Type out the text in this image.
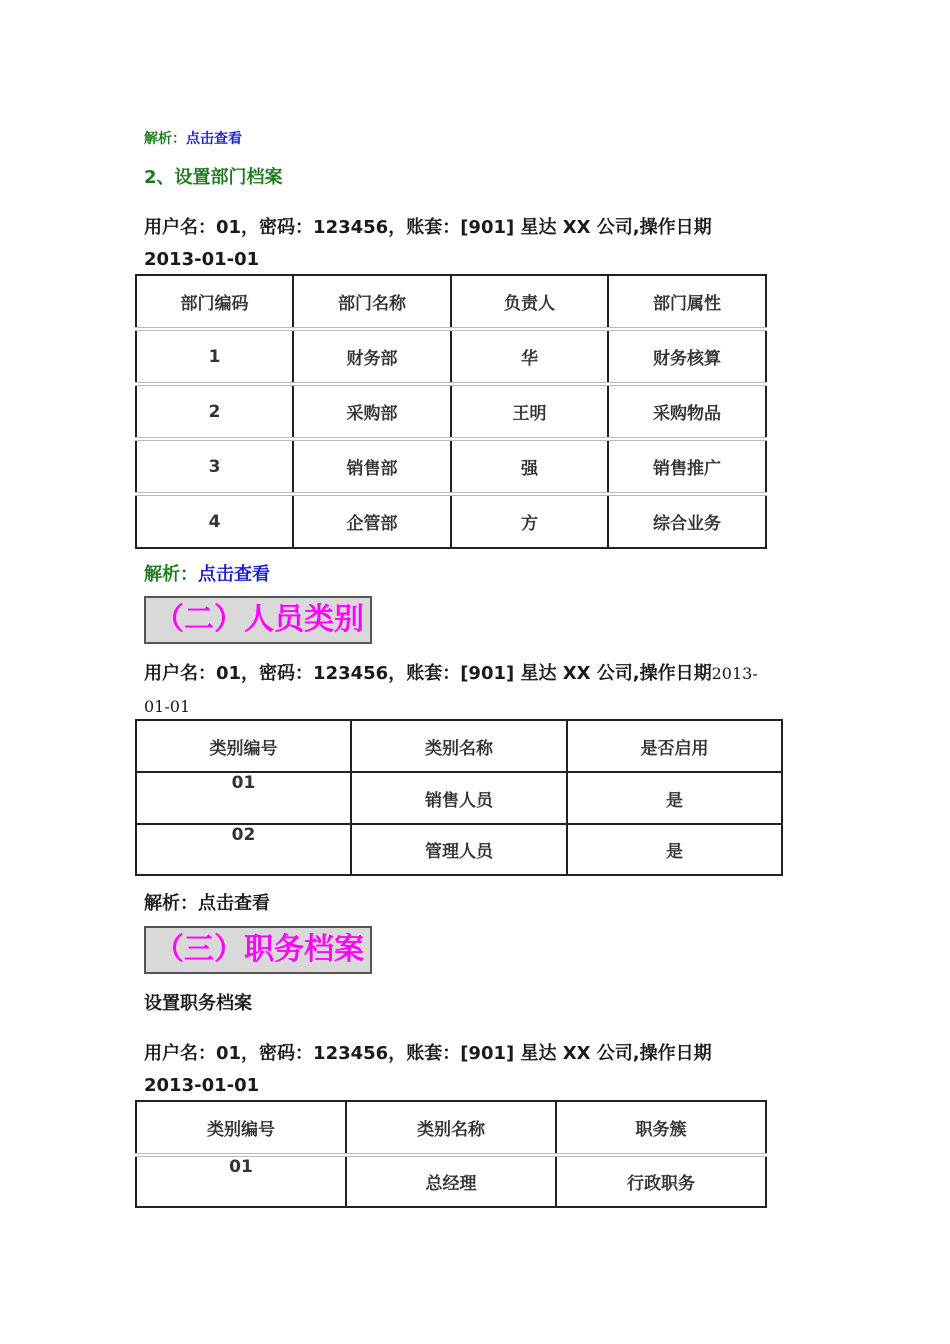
解析：点击查看
2、设置部门档案
用户名：01，密码：123456，账套：[901] 星达 XX 公司,操作日期
2013-01-01
部门编码	部门名称	负责人	部门属性
1	财务部	华	财务核算
2	采购部	王明	采购物品
3	销售部	强	销售推广
4	企管部	方	综合业务
解析：点击查看
（二）人员类别
用户名：01，密码：123456，账套：[901] 星达 XX 公司,操作日期2013-
01-01
类别编号	类别名称	是否启用
01	销售人员	是
02	管理人员	是
解析：点击查看
（三）职务档案
设置职务档案
用户名：01，密码：123456，账套：[901] 星达 XX 公司,操作日期
2013-01-01
类别编号	类别名称	职务簇
01	总经理	行政职务
